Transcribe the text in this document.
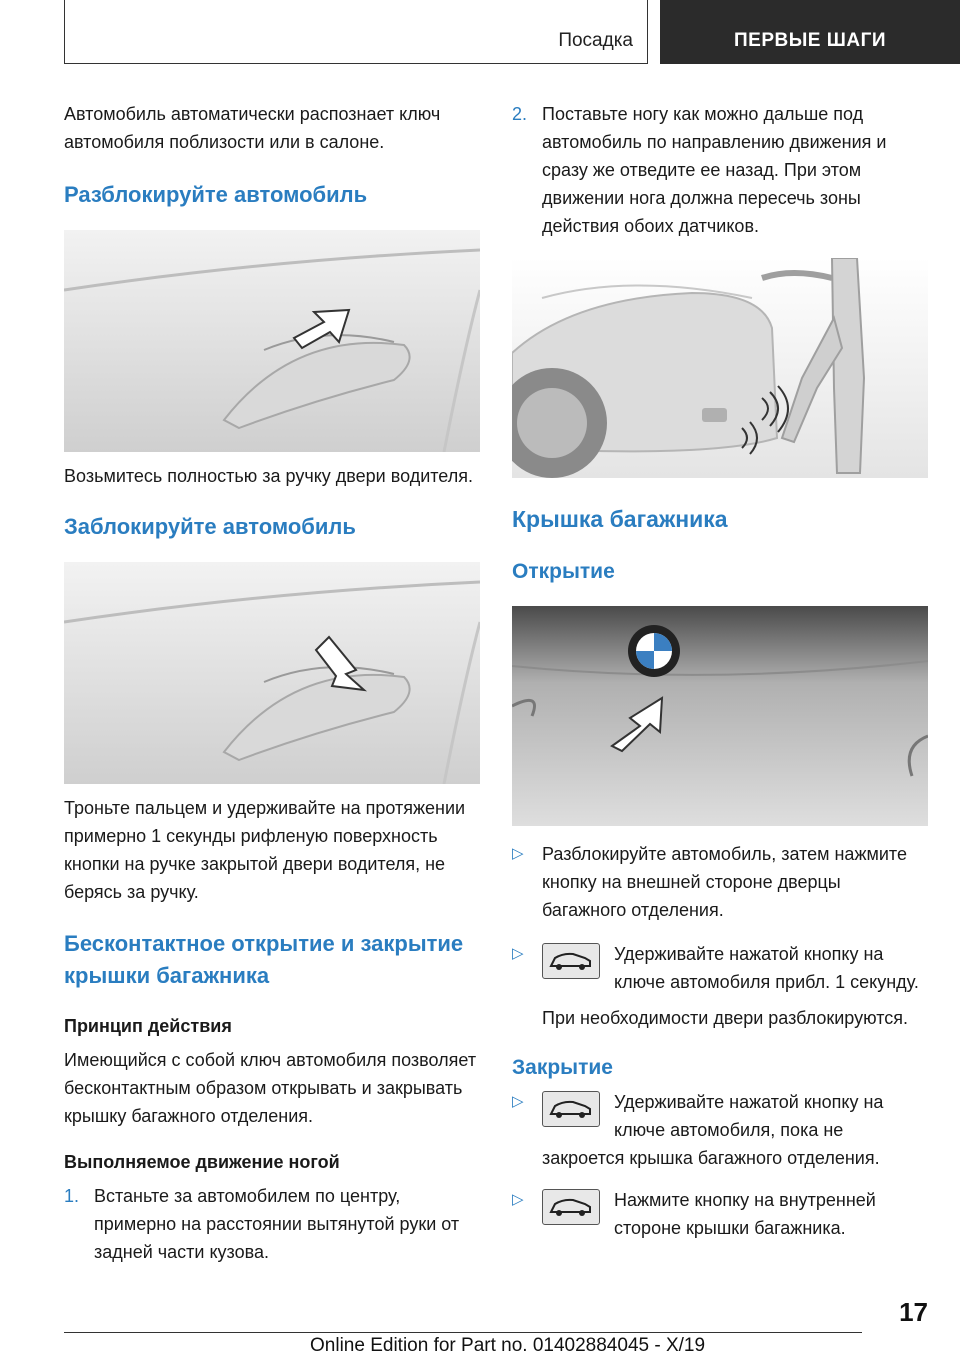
Посадка	ПЕРВЫЕ ШАГИ

Автомобиль автоматически распознает ключ автомобиля поблизости или в салоне.

Разблокируйте автомобиль

Возьмитесь полностью за ручку двери водителя.

Заблокируйте автомобиль

Троньте пальцем и удерживайте на протяжении примерно 1 секунды рифленую поверхность кнопки на ручке закрытой двери водителя, не берясь за ручку.

Бесконтактное открытие и закрытие крышки багажника
Принцип действия

Имеющийся с собой ключ автомобиля позволяет бесконтактным образом открывать и закрывать крышку багажного отделения.

Выполняемое движение ногой
1. Встаньте за автомобилем по центру, примерно на расстоянии вытянутой руки от задней части кузова.

2. Поставьте ногу как можно дальше под автомобиль по направлению движения и сразу же отведите ее назад. При этом движении нога должна пересечь зоны действия обоих датчиков.

Крышка багажника
Открытие
▷ Разблокируйте автомобиль, затем нажмите кнопку на внешней стороне дверцы багажного отделения.

▷	Удерживайте нажатой кнопку на ключе автомобиля прибл. 1 секунду.

При необходимости двери разблокируются.

Закрытие
▷	Удерживайте нажатой кнопку на ключе автомобиля, пока не закроется крышка багажного отделения.

▷	Нажмите кнопку на внутренней стороне крышки багажника.

17
Online Edition for Part no. 01402884045 - X/19
